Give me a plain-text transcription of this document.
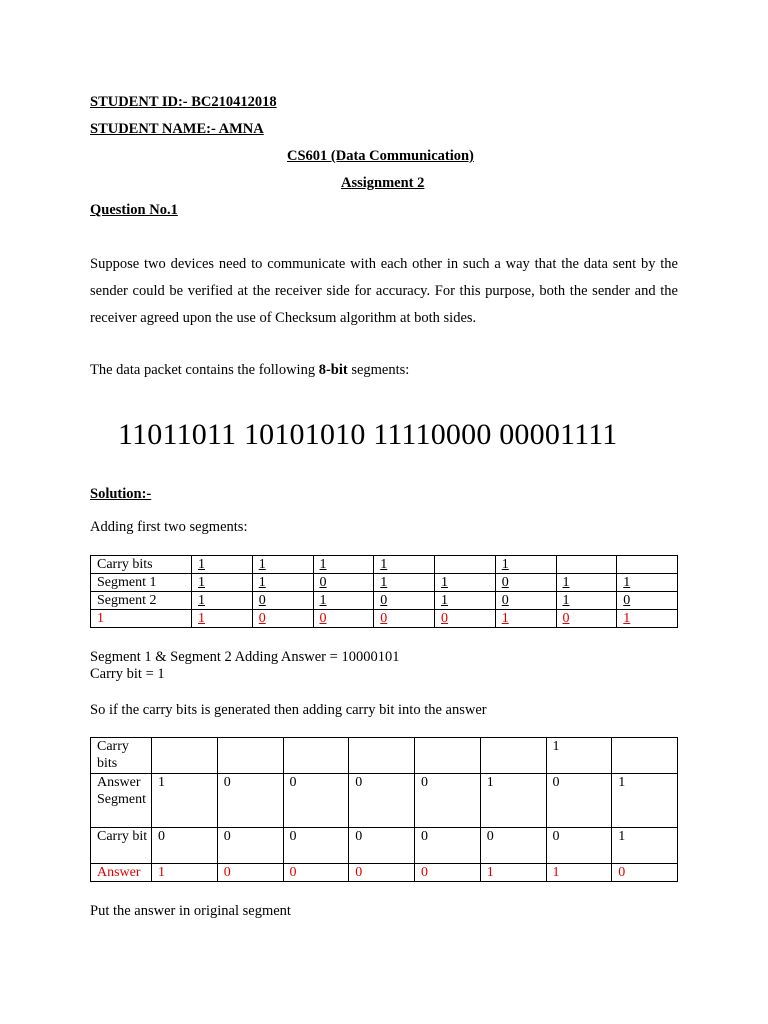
STUDENT ID:- BC210412018
STUDENT NAME:- AMNA
CS601 (Data Communication)
Assignment 2
Question No.1
Suppose two devices need to communicate with each other in such a way that the data sent by the sender could be verified at the receiver side for accuracy. For this purpose, both the sender and the receiver agreed upon the use of Checksum algorithm at both sides.
The data packet contains the following 8-bit segments:
11011011 10101010 11110000 00001111
Solution:-
Adding first two segments:
Carry bits	1	1	1	1		1		
Segment 1	1	1	0	1	1	0	1	1
Segment 2	1	0	1	0	1	0	1	0
1	1	0	0	0	0	1	0	1
Segment 1 & Segment 2 Adding Answer = 10000101
Carry bit = 1
So if the carry bits is generated then adding carry bit into the answer
Carry bits							1	
Answer Segment	1	0	0	0	0	1	0	1
Carry bit	0	0	0	0	0	0	0	1
Answer	1	0	0	0	0	1	1	0
Put the answer in original segment
